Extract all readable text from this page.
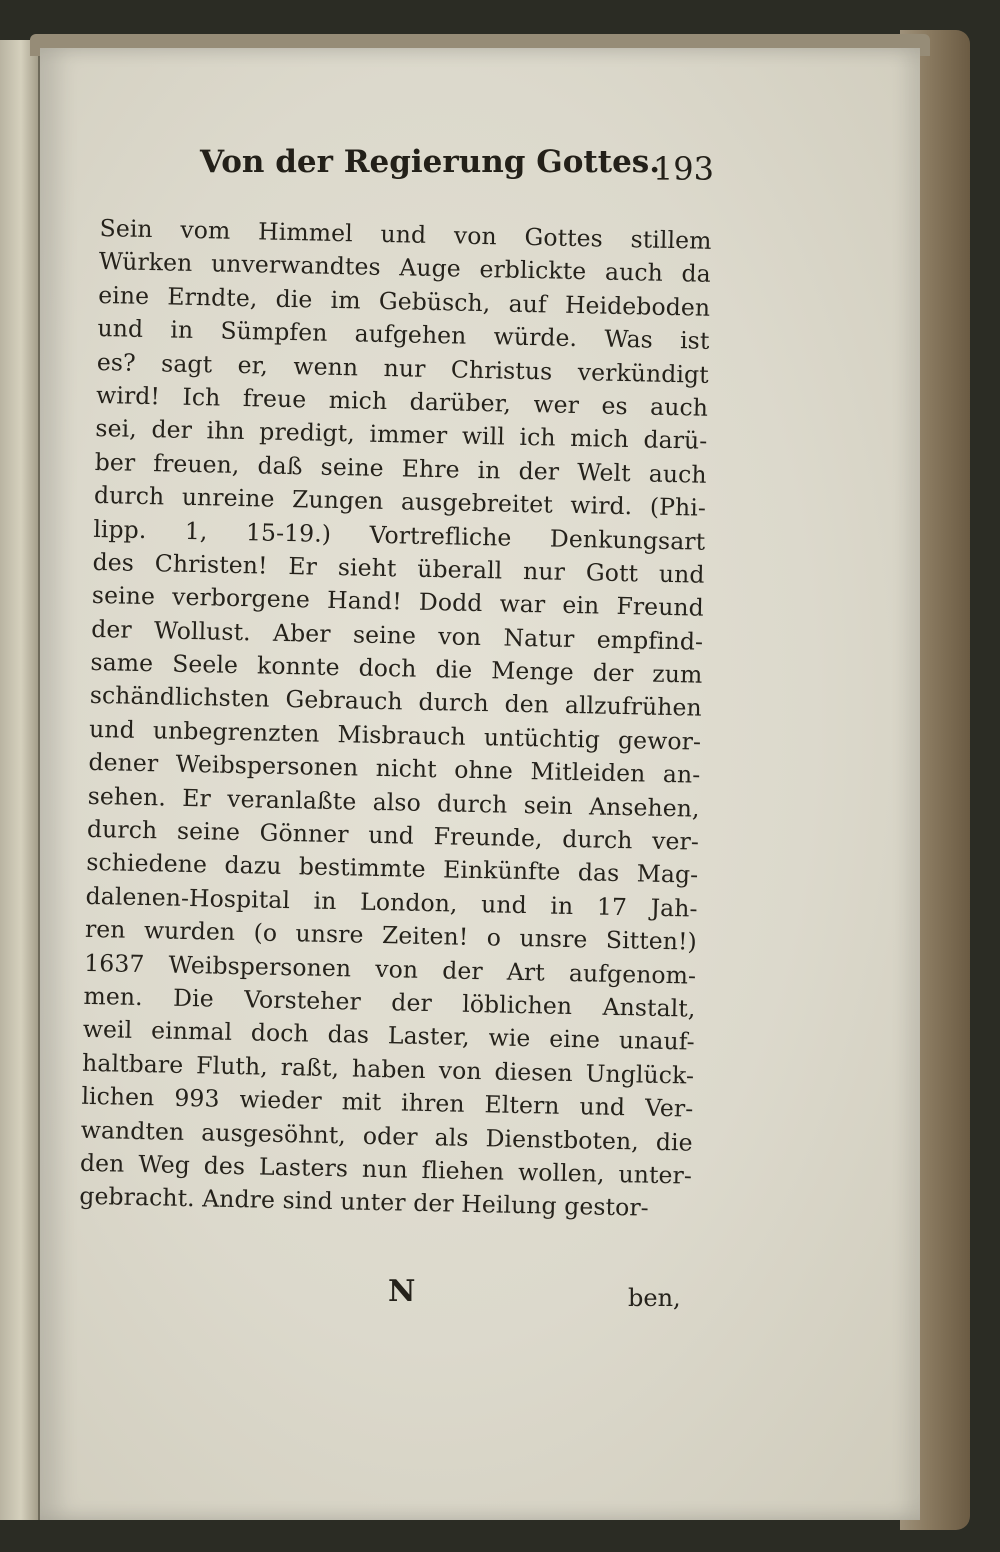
Von der Regierung Gottes.
193
Sein vom Himmel und von Gottes stillem
Würken unverwandtes Auge erblickte auch da
eine Erndte, die im Gebüsch, auf Heideboden
und in Sümpfen aufgehen würde. Was ist
es? sagt er, wenn nur Christus verkündigt
wird! Ich freue mich darüber, wer es auch
sei, der ihn predigt, immer will ich mich darü-
ber freuen, daß seine Ehre in der Welt auch
durch unreine Zungen ausgebreitet wird. (Phi-
lipp. 1, 15-19.) Vortrefliche Denkungsart
des Christen! Er sieht überall nur Gott und
seine verborgene Hand! Dodd war ein Freund
der Wollust. Aber seine von Natur empfind-
same Seele konnte doch die Menge der zum
schändlichsten Gebrauch durch den allzufrühen
und unbegrenzten Misbrauch untüchtig gewor-
dener Weibspersonen nicht ohne Mitleiden an-
sehen. Er veranlaßte also durch sein Ansehen,
durch seine Gönner und Freunde, durch ver-
schiedene dazu bestimmte Einkünfte das Mag-
dalenen-Hospital in London, und in 17 Jah-
ren wurden (o unsre Zeiten! o unsre Sitten!)
1637 Weibspersonen von der Art aufgenom-
men. Die Vorsteher der löblichen Anstalt,
weil einmal doch das Laster, wie eine unauf-
haltbare Fluth, raßt, haben von diesen Unglück-
lichen 993 wieder mit ihren Eltern und Ver-
wandten ausgesöhnt, oder als Dienstboten, die
den Weg des Lasters nun fliehen wollen, unter-
gebracht. Andre sind unter der Heilung gestor-
N	ben,
